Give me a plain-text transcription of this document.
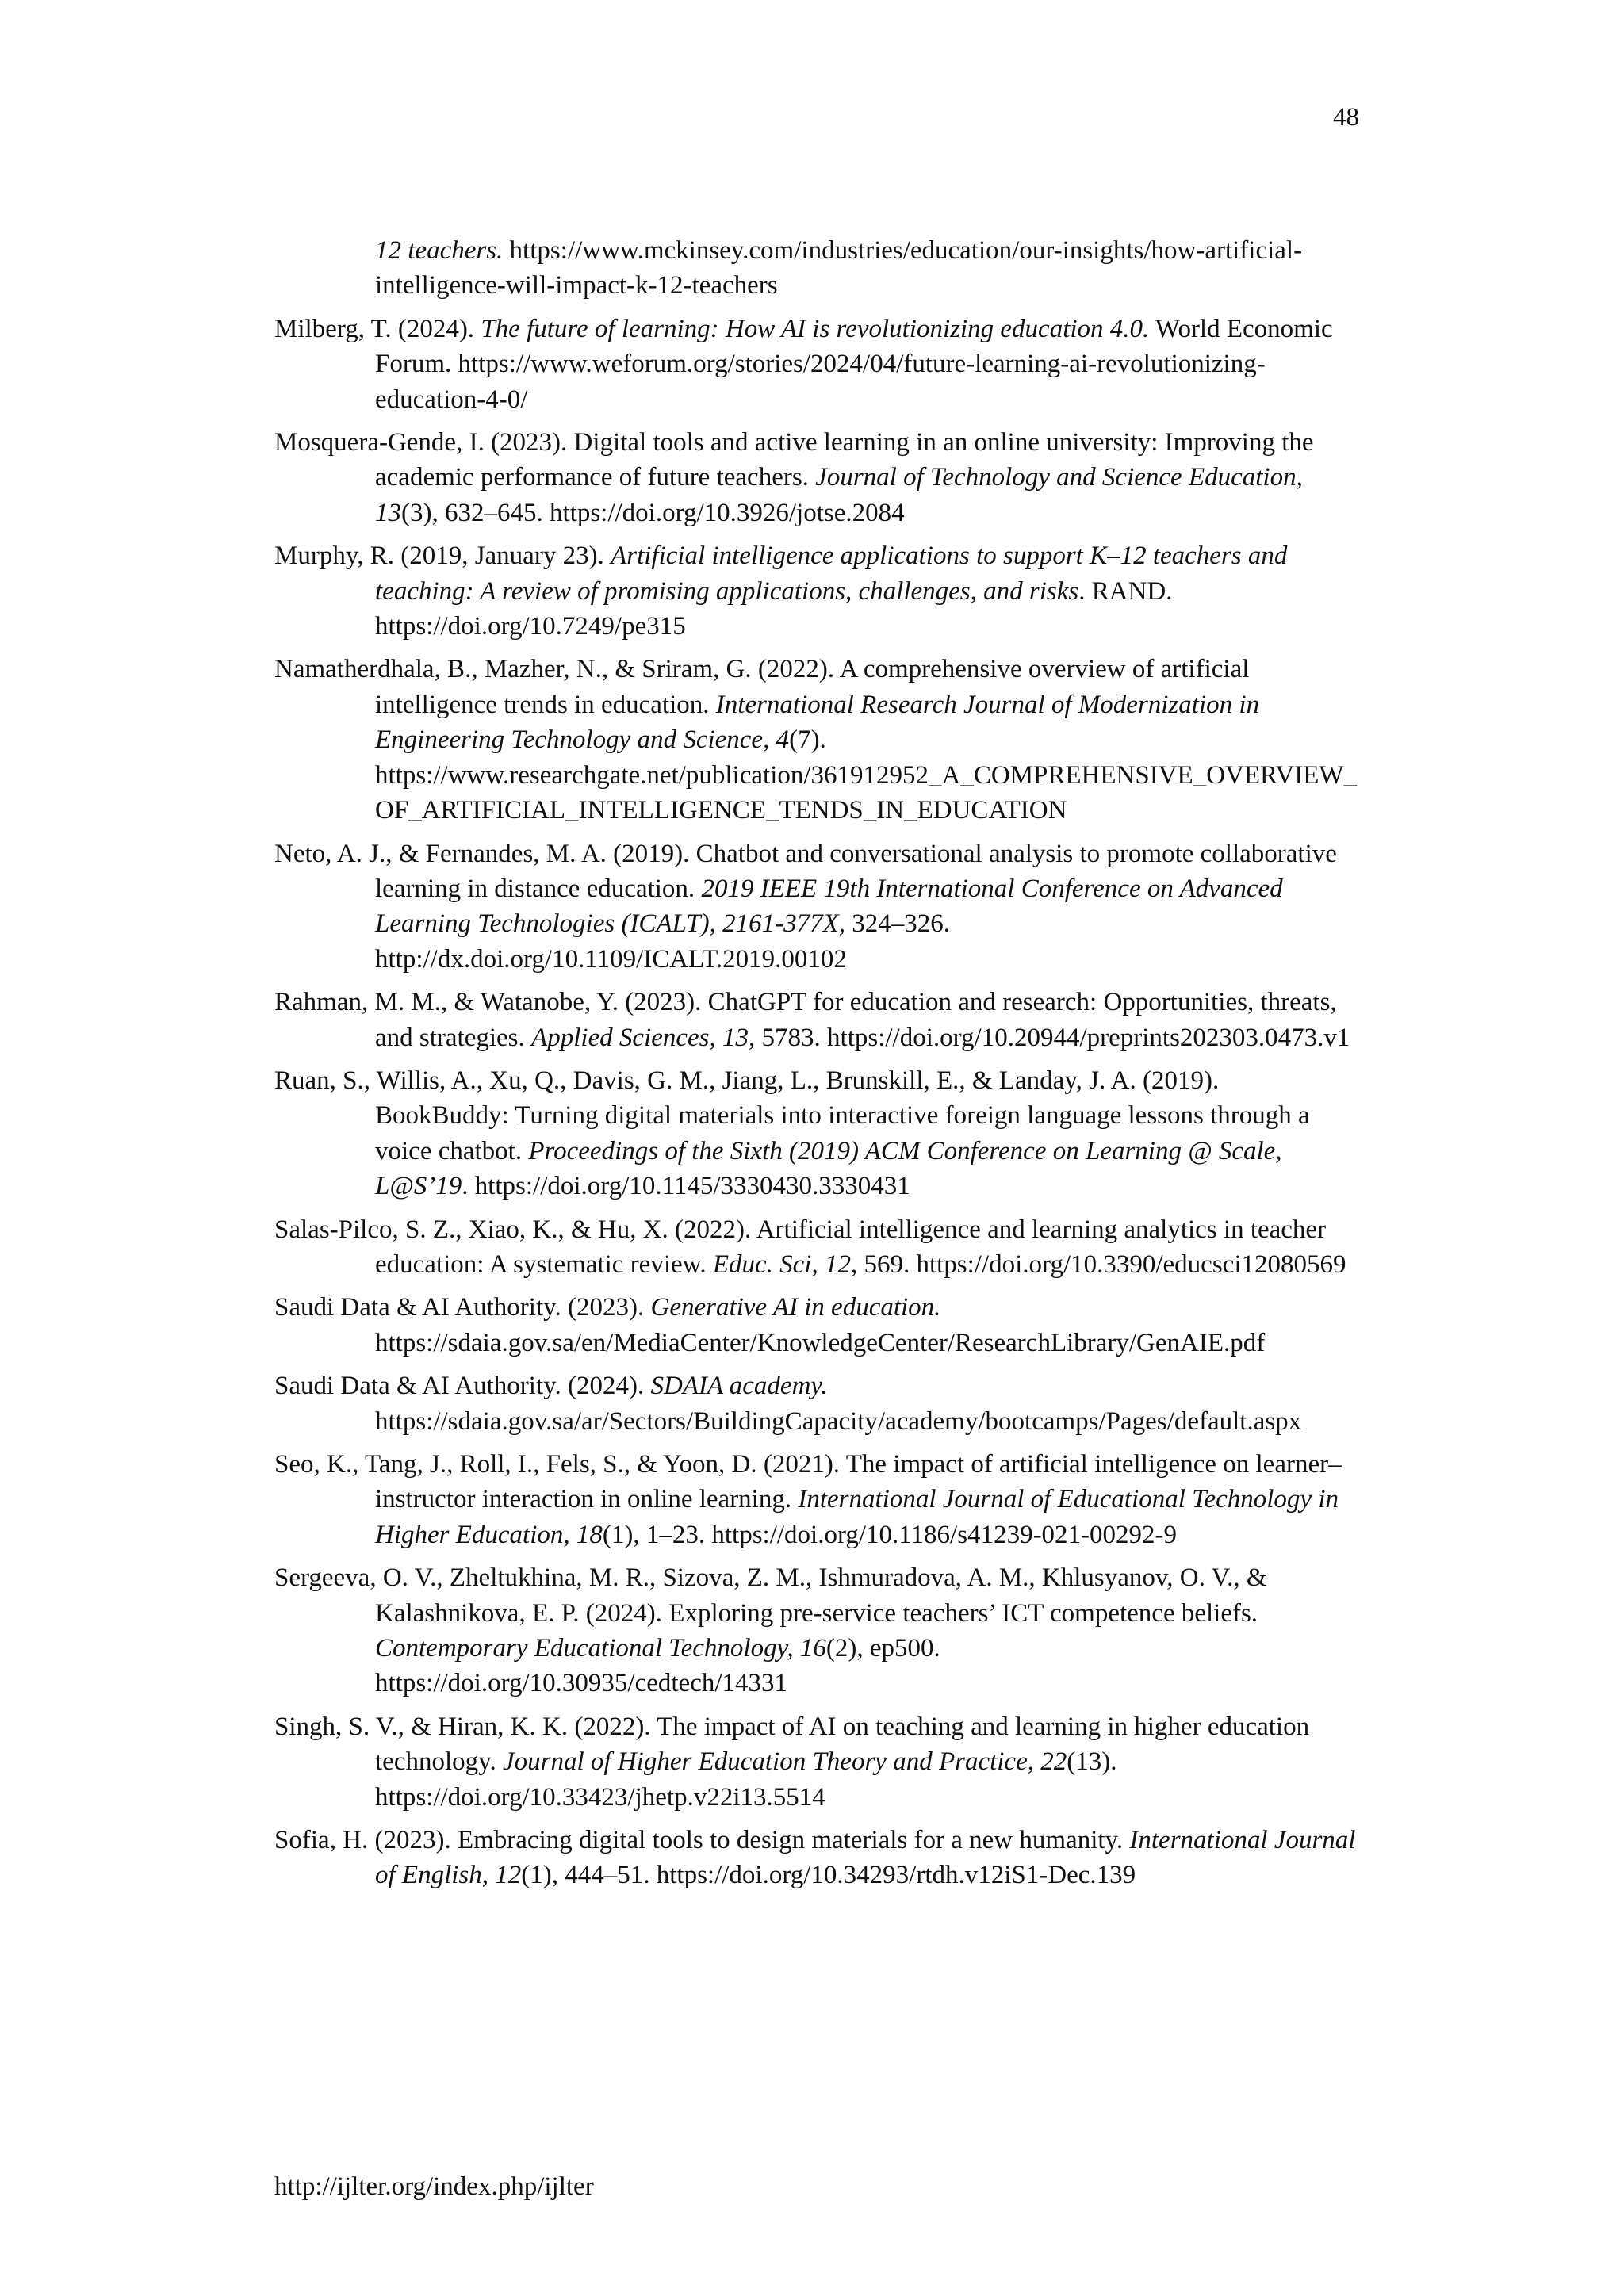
48

12 teachers. https://www.mckinsey.com/industries/education/our-insights/how-artificial-intelligence-will-impact-k-12-teachers

Milberg, T. (2024). The future of learning: How AI is revolutionizing education 4.0. World Economic Forum. https://www.weforum.org/stories/2024/04/future-learning-ai-revolutionizing-education-4-0/

Mosquera-Gende, I. (2023). Digital tools and active learning in an online university: Improving the academic performance of future teachers. Journal of Technology and Science Education, 13(3), 632–645. https://doi.org/10.3926/jotse.2084

Murphy, R. (2019, January 23). Artificial intelligence applications to support K–12 teachers and teaching: A review of promising applications, challenges, and risks. RAND. https://doi.org/10.7249/pe315

Namatherdhala, B., Mazher, N., & Sriram, G. (2022). A comprehensive overview of artificial intelligence trends in education. International Research Journal of Modernization in Engineering Technology and Science, 4(7). https://www.researchgate.net/publication/361912952_A_COMPREHENSIVE_OVERVIEW_OF_ARTIFICIAL_INTELLIGENCE_TENDS_IN_EDUCATION

Neto, A. J., & Fernandes, M. A. (2019). Chatbot and conversational analysis to promote collaborative learning in distance education. 2019 IEEE 19th International Conference on Advanced Learning Technologies (ICALT), 2161-377X, 324–326. http://dx.doi.org/10.1109/ICALT.2019.00102

Rahman, M. M., & Watanobe, Y. (2023). ChatGPT for education and research: Opportunities, threats, and strategies. Applied Sciences, 13, 5783. https://doi.org/10.20944/preprints202303.0473.v1

Ruan, S., Willis, A., Xu, Q., Davis, G. M., Jiang, L., Brunskill, E., & Landay, J. A. (2019). BookBuddy: Turning digital materials into interactive foreign language lessons through a voice chatbot. Proceedings of the Sixth (2019) ACM Conference on Learning @ Scale, L@S’19. https://doi.org/10.1145/3330430.3330431

Salas-Pilco, S. Z., Xiao, K., & Hu, X. (2022). Artificial intelligence and learning analytics in teacher education: A systematic review. Educ. Sci, 12, 569. https://doi.org/10.3390/educsci12080569

Saudi Data & AI Authority. (2023). Generative AI in education. https://sdaia.gov.sa/en/MediaCenter/KnowledgeCenter/ResearchLibrary/GenAIE.pdf

Saudi Data & AI Authority. (2024). SDAIA academy. https://sdaia.gov.sa/ar/Sectors/BuildingCapacity/academy/bootcamps/Pages/default.aspx

Seo, K., Tang, J., Roll, I., Fels, S., & Yoon, D. (2021). The impact of artificial intelligence on learner–instructor interaction in online learning. International Journal of Educational Technology in Higher Education, 18(1), 1–23. https://doi.org/10.1186/s41239-021-00292-9

Sergeeva, O. V., Zheltukhina, M. R., Sizova, Z. M., Ishmuradova, A. M., Khlusyanov, O. V., & Kalashnikova, E. P. (2024). Exploring pre-service teachers’ ICT competence beliefs. Contemporary Educational Technology, 16(2), ep500. https://doi.org/10.30935/cedtech/14331

Singh, S. V., & Hiran, K. K. (2022). The impact of AI on teaching and learning in higher education technology. Journal of Higher Education Theory and Practice, 22(13). https://doi.org/10.33423/jhetp.v22i13.5514

Sofia, H. (2023). Embracing digital tools to design materials for a new humanity. International Journal of English, 12(1), 444–51. https://doi.org/10.34293/rtdh.v12iS1-Dec.139

http://ijlter.org/index.php/ijlter
